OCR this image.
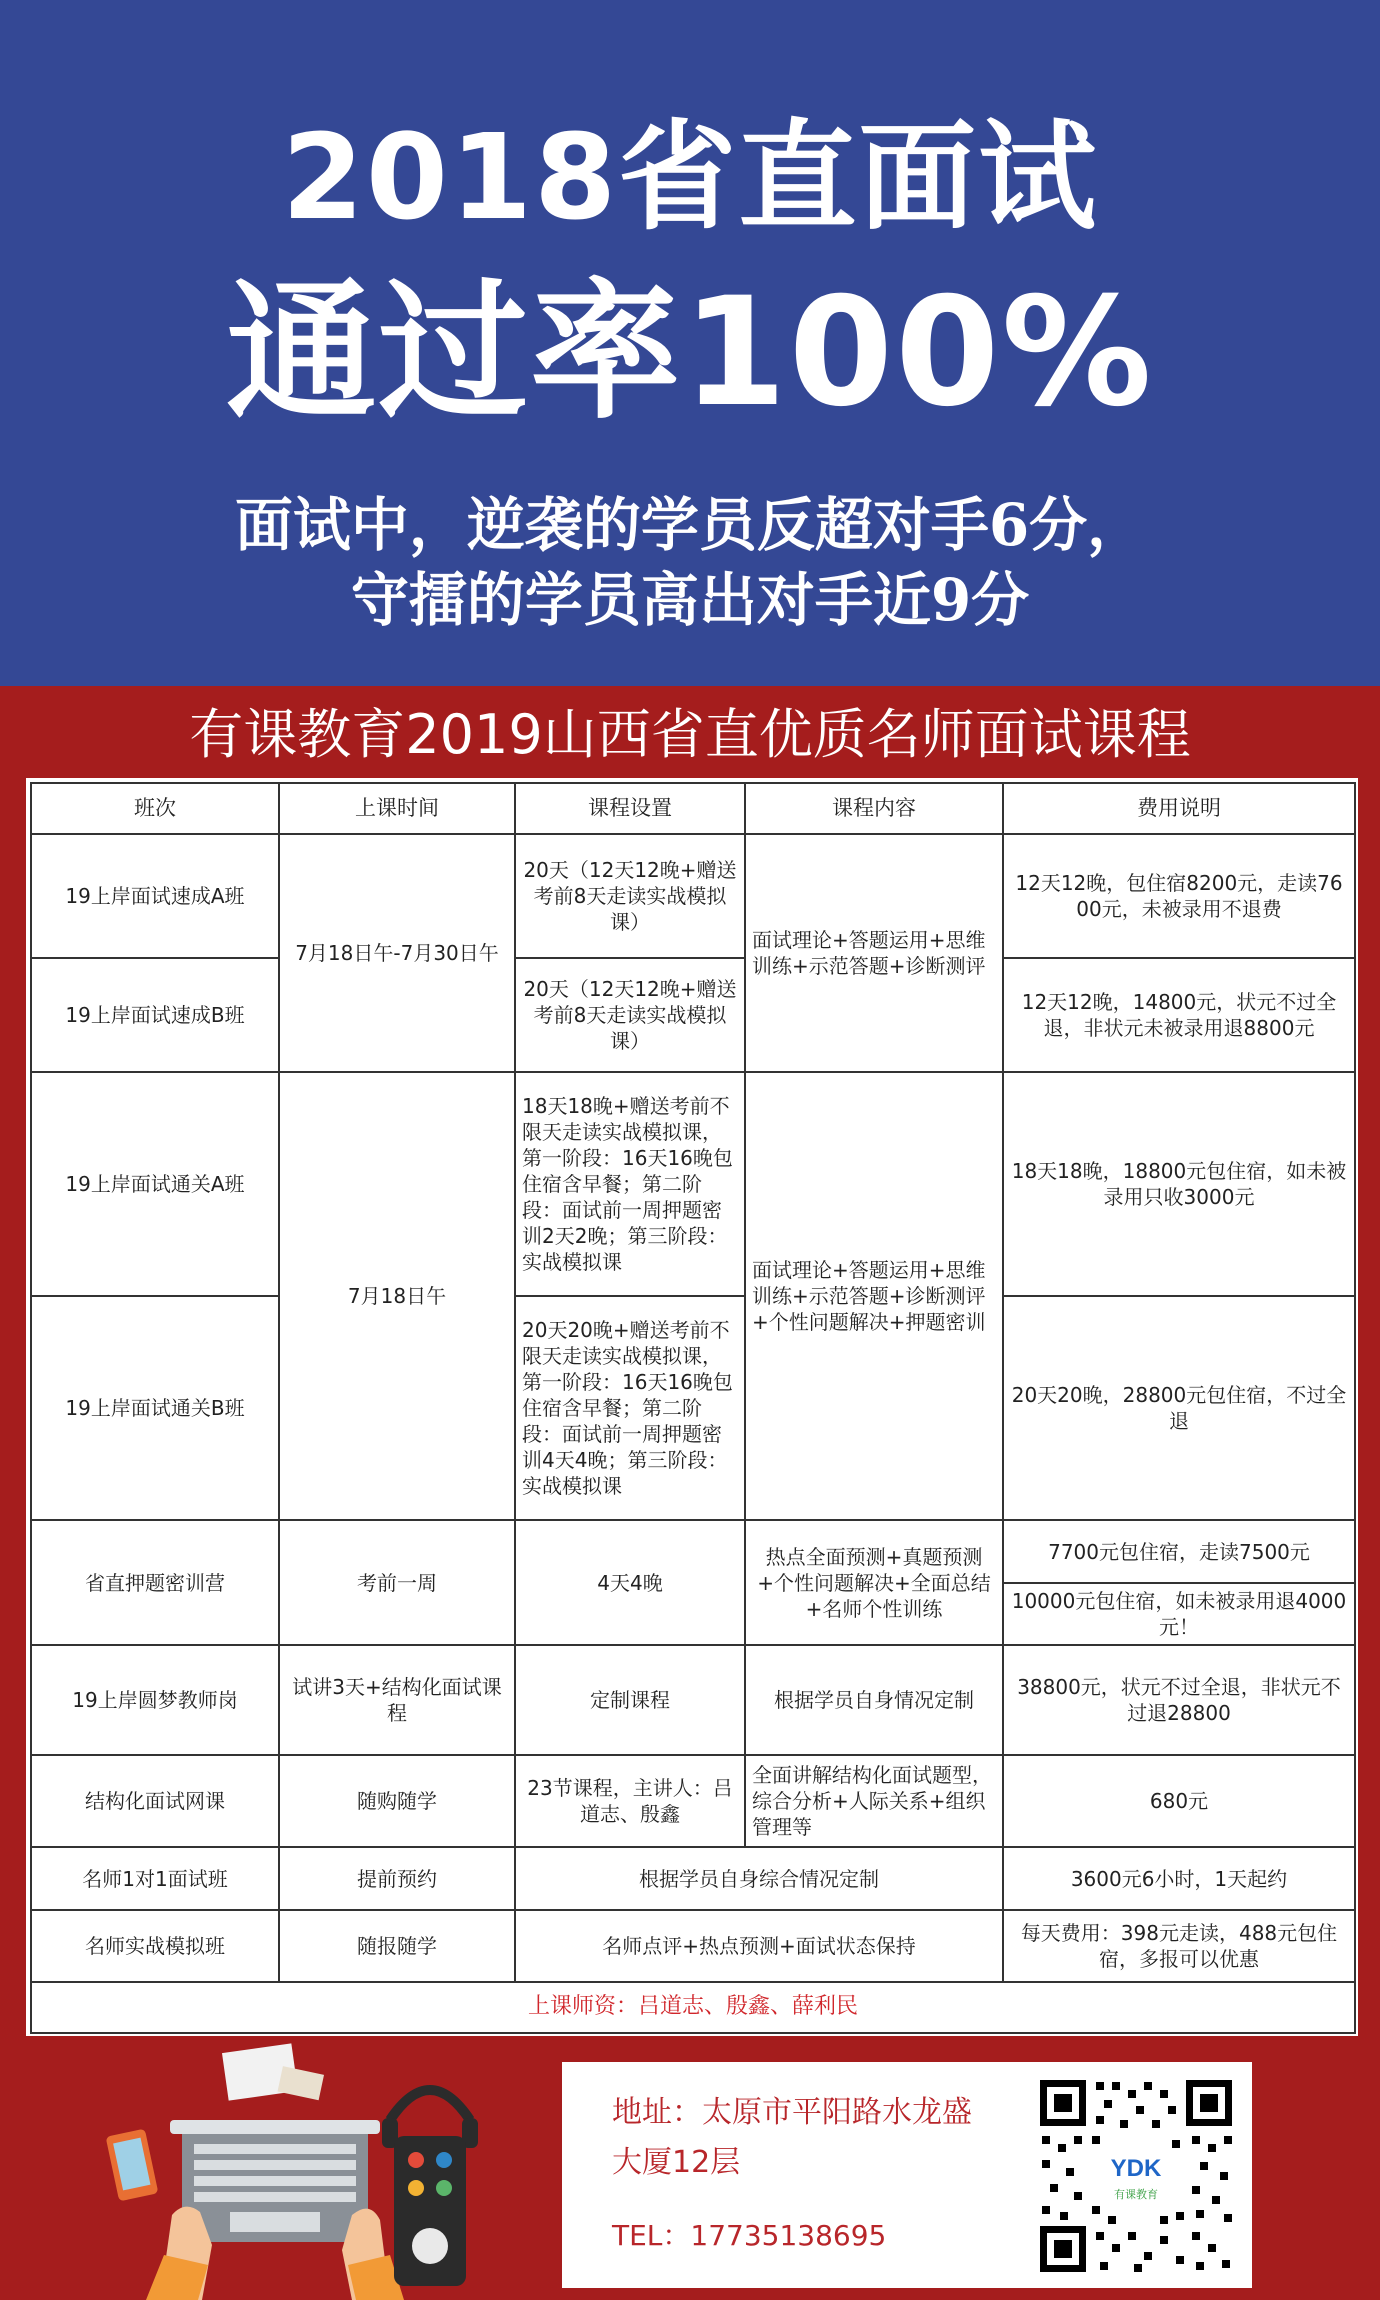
2018省直面试
通过率100%
面试中，逆袭的学员反超对手6分，
守擂的学员高出对手近9分
有课教育2019山西省直优质名师面试课程
班次	上课时间	课程设置	课程内容	费用说明
19上岸面试速成A班	7月18日午-7月30日午	20天（12天12晚+赠送考前8天走读实战模拟课）	面试理论+答题运用+思维训练+示范答题+诊断测评	12天12晚，包住宿8200元，走读7600元，未被录用不退费
19上岸面试速成B班		20天（12天12晚+赠送考前8天走读实战模拟课）		12天12晚，14800元，状元不过全退，非状元未被录用退8800元
19上岸面试通关A班	7月18日午	18天18晚+赠送考前不限天走读实战模拟课，第一阶段：16天16晚包住宿含早餐；第二阶段：面试前一周押题密训2天2晚；第三阶段：实战模拟课	面试理论+答题运用+思维训练+示范答题+诊断测评+个性问题解决+押题密训	18天18晚，18800元包住宿，如未被录用只收3000元
19上岸面试通关B班		20天20晚+赠送考前不限天走读实战模拟课，第一阶段：16天16晚包住宿含早餐；第二阶段：面试前一周押题密训4天4晚；第三阶段：实战模拟课		20天20晚，28800元包住宿，不过全退
省直押题密训营	考前一周	4天4晚	热点全面预测+真题预测+个性问题解决+全面总结+名师个性训练	7700元包住宿，走读7500元
				10000元包住宿，如未被录用退4000元！
19上岸圆梦教师岗	试讲3天+结构化面试课程	定制课程	根据学员自身情况定制	38800元，状元不过全退，非状元不过退28800
结构化面试网课	随购随学	23节课程，主讲人：吕道志、殷鑫	全面讲解结构化面试题型，综合分析+人际关系+组织管理等	680元
名师1对1面试班	提前预约	根据学员自身综合情况定制		3600元6小时，1天起约
名师实战模拟班	随报随学	名师点评+热点预测+面试状态保持		每天费用：398元走读，488元包住宿，多报可以优惠
上课师资：吕道志、殷鑫、薛利民				
地址：太原市平阳路水龙盛
大厦12层
TEL：17735138695
YDK
有课教育
